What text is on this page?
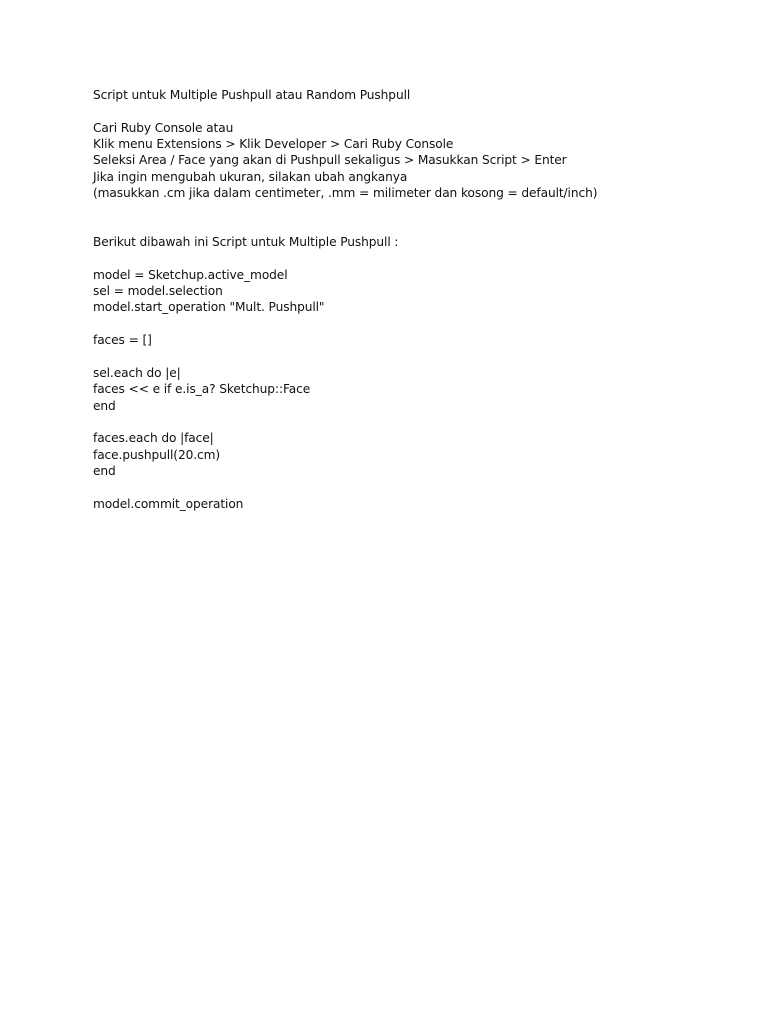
Script untuk Multiple Pushpull atau Random Pushpull
Cari Ruby Console atau
Klik menu Extensions > Klik Developer > Cari Ruby Console
Seleksi Area / Face yang akan di Pushpull sekaligus > Masukkan Script > Enter
Jika ingin mengubah ukuran, silakan ubah angkanya
(masukkan .cm jika dalam centimeter, .mm = milimeter dan kosong = default/inch)
Berikut dibawah ini Script untuk Multiple Pushpull :
model = Sketchup.active_model
sel = model.selection
model.start_operation "Mult. Pushpull"
faces = []
sel.each do |e|
faces << e if e.is_a? Sketchup::Face
end
faces.each do |face|
face.pushpull(20.cm)
end
model.commit_operation
